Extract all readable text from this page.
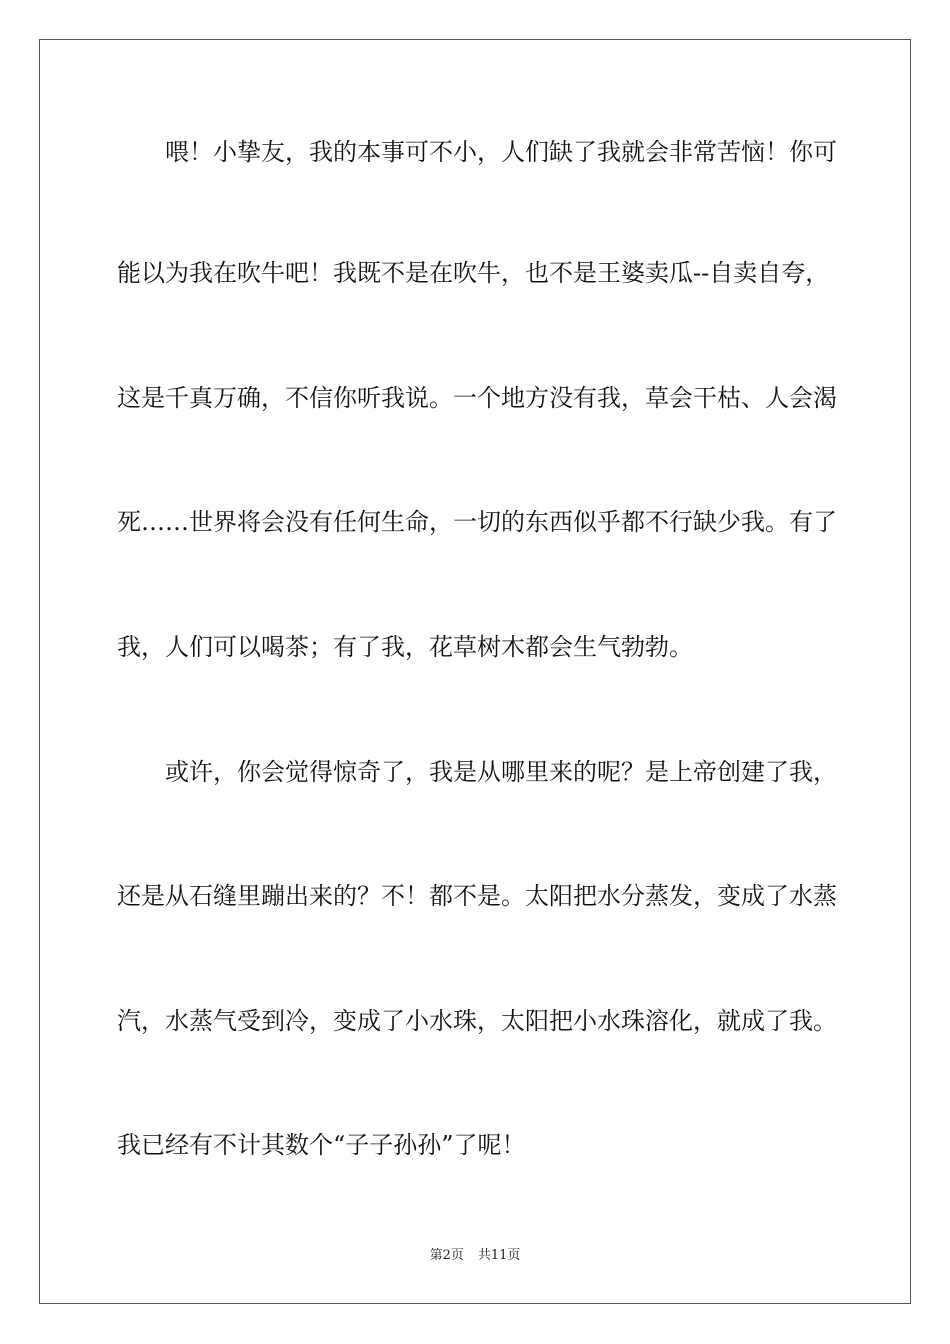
喂！小挚友，我的本事可不小，人们缺了我就会非常苦恼！你可
能以为我在吹牛吧！我既不是在吹牛，也不是王婆卖瓜--自卖自夸，
这是千真万确，不信你听我说。一个地方没有我，草会干枯、人会渴
死……世界将会没有任何生命，一切的东西似乎都不行缺少我。有了
我，人们可以喝茶；有了我，花草树木都会生气勃勃。
或许，你会觉得惊奇了，我是从哪里来的呢？是上帝创建了我，
还是从石缝里蹦出来的？不！都不是。太阳把水分蒸发，变成了水蒸
汽，水蒸气受到冷，变成了小水珠，太阳把小水珠溶化，就成了我。
我已经有不计其数个“子子孙孙”了呢！
第2页 共11页
